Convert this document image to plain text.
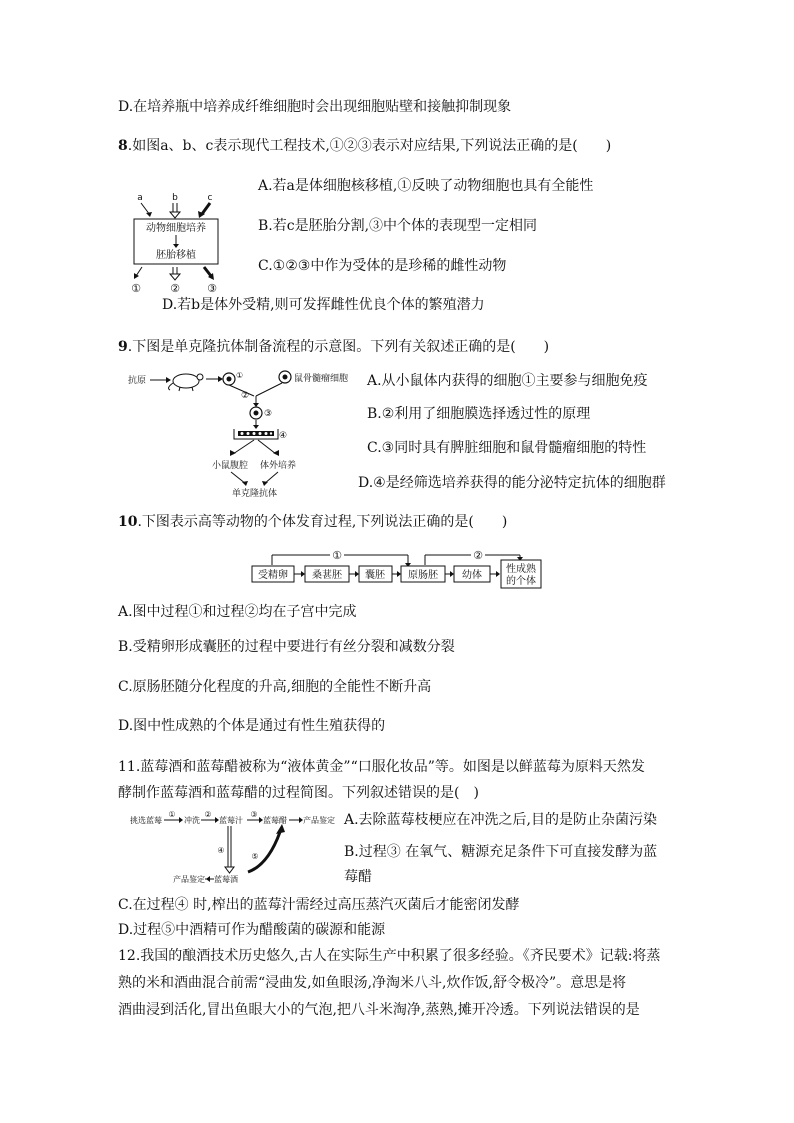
D.在培养瓶中培养成纤维细胞时会出现细胞贴壁和接触抑制现象
8.如图a、b、c表示现代工程技术,①②③表示对应结果,下列说法正确的是(　　)
a	b	c
动物细胞培养
胚胎移植
①	② ③
A.若a是体细胞核移植,①反映了动物细胞也具有全能性
B.若c是胚胎分割,③中个体的表现型一定相同
C.①②③中作为受体的是珍稀的雌性动物
D.若b是体外受精,则可发挥雌性优良个体的繁殖潜力
9.下图是单克隆抗体制备流程的示意图。下列有关叙述正确的是(　　)
抗原
①	鼠骨髓瘤细胞
②
③
④
小鼠腹腔 体外培养
单克隆抗体
A.从小鼠体内获得的细胞①主要参与细胞免疫
B.②利用了细胞膜选择透过性的原理
C.③同时具有脾脏细胞和鼠骨髓瘤细胞的特性
D.④是经筛选培养获得的能分泌特定抗体的细胞群
10.下图表示高等动物的个体发育过程,下列说法正确的是(　　)
①	②
受精卵 桑葚胚 囊胚 原肠胚 幼体
性成熟
的个体
A.图中过程①和过程②均在子宫中完成
B.受精卵形成囊胚的过程中要进行有丝分裂和减数分裂
C.原肠胚随分化程度的升高,细胞的全能性不断升高
D.图中性成熟的个体是通过有性生殖获得的
11.蓝莓酒和蓝莓醋被称为“液体黄金”“口服化妆品”等。如图是以鲜蓝莓为原料天然发
酵制作蓝莓酒和蓝莓醋的过程简图。下列叙述错误的是(　)
挑选蓝莓
①
冲洗
②
蓝莓汁
③
蓝莓醋 产品鉴定
④
⑤
产品鉴定 蓝莓酒
A.去除蓝莓枝梗应在冲洗之后,目的是防止杂菌污染
B.过程③ 在氧气、糖源充足条件下可直接发酵为蓝
莓醋
C.在过程④ 时,榨出的蓝莓汁需经过高压蒸汽灭菌后才能密闭发酵
D.过程⑤中酒精可作为醋酸菌的碳源和能源
12.我国的酿酒技术历史悠久,古人在实际生产中积累了很多经验。《齐民要术》记载:将蒸
熟的米和酒曲混合前需“浸曲发,如鱼眼汤,净淘米八斗,炊作饭,舒令极冷”。意思是将
酒曲浸到活化,冒出鱼眼大小的气泡,把八斗米淘净,蒸熟,摊开冷透。下列说法错误的是
